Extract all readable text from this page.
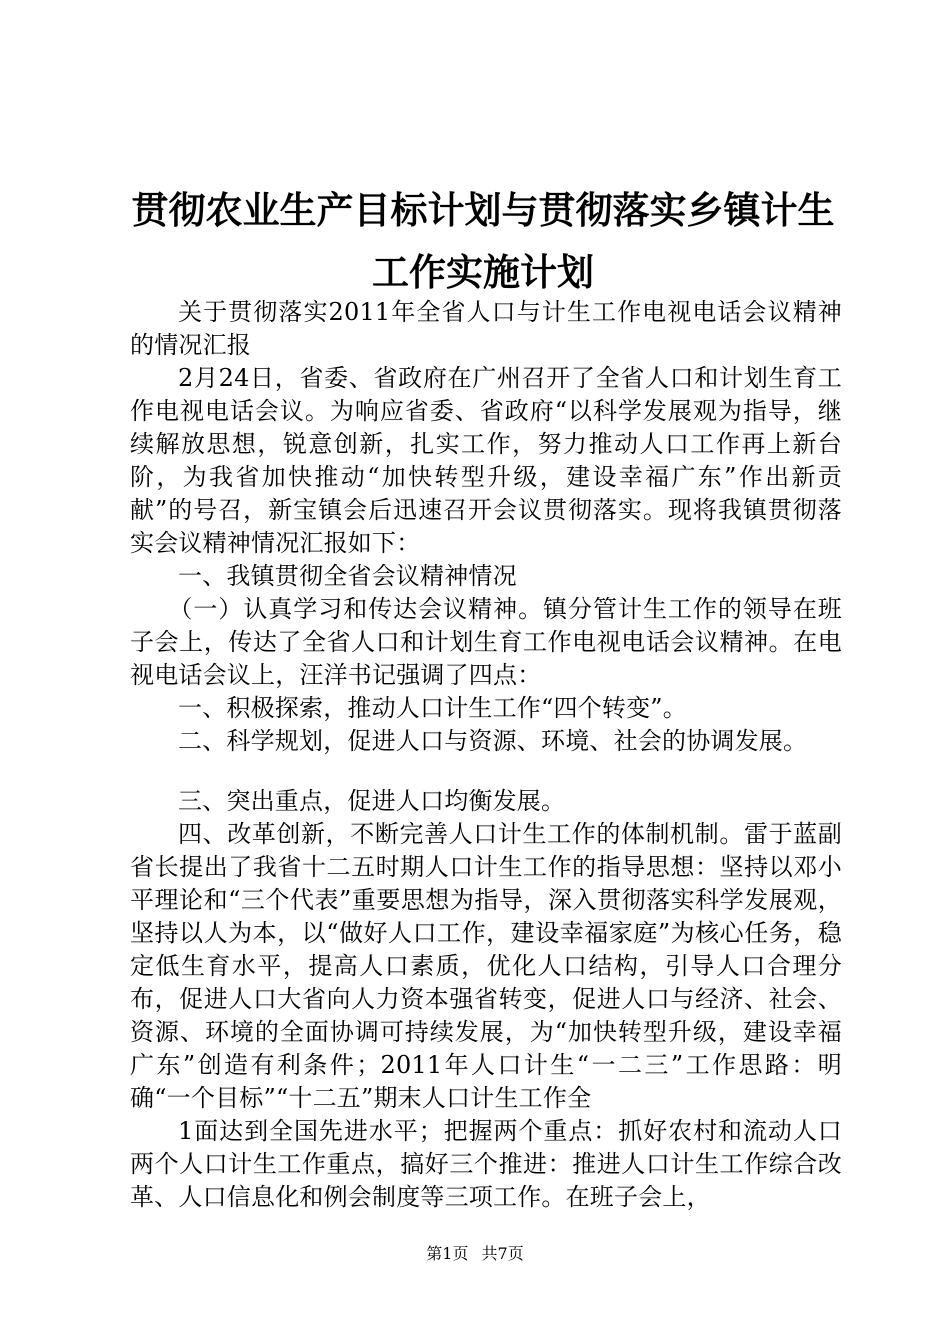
贯彻农业生产目标计划与贯彻落实乡镇计生工作实施计划

关于贯彻落实2011年全省人口与计生工作电视电话会议精神的情况汇报

2月24日，省委、省政府在广州召开了全省人口和计划生育工作电视电话会议。为响应省委、省政府“以科学发展观为指导，继续解放思想，锐意创新，扎实工作，努力推动人口工作再上新台阶，为我省加快推动“加快转型升级，建设幸福广东”作出新贡献”的号召，新宝镇会后迅速召开会议贯彻落实。现将我镇贯彻落实会议精神情况汇报如下：

一、我镇贯彻全省会议精神情况

（一）认真学习和传达会议精神。镇分管计生工作的领导在班子会上，传达了全省人口和计划生育工作电视电话会议精神。在电视电话会议上，汪洋书记强调了四点：

一、积极探索，推动人口计生工作“四个转变”。

二、科学规划，促进人口与资源、环境、社会的协调发展。

三、突出重点，促进人口均衡发展。

四、改革创新，不断完善人口计生工作的体制机制。雷于蓝副省长提出了我省十二五时期人口计生工作的指导思想：坚持以邓小平理论和“三个代表”重要思想为指导，深入贯彻落实科学发展观，坚持以人为本，以“做好人口工作，建设幸福家庭”为核心任务，稳定低生育水平，提高人口素质，优化人口结构，引导人口合理分布，促进人口大省向人力资本强省转变，促进人口与经济、社会、资源、环境的全面协调可持续发展，为“加快转型升级，建设幸福广东”创造有利条件；2011年人口计生“一二三”工作思路：明确“一个目标”“十二五”期末人口计生工作全

1面达到全国先进水平；把握两个重点：抓好农村和流动人口两个人口计生工作重点，搞好三个推进：推进人口计生工作综合改革、人口信息化和例会制度等三项工作。在班子会上，

第1页 共7页
